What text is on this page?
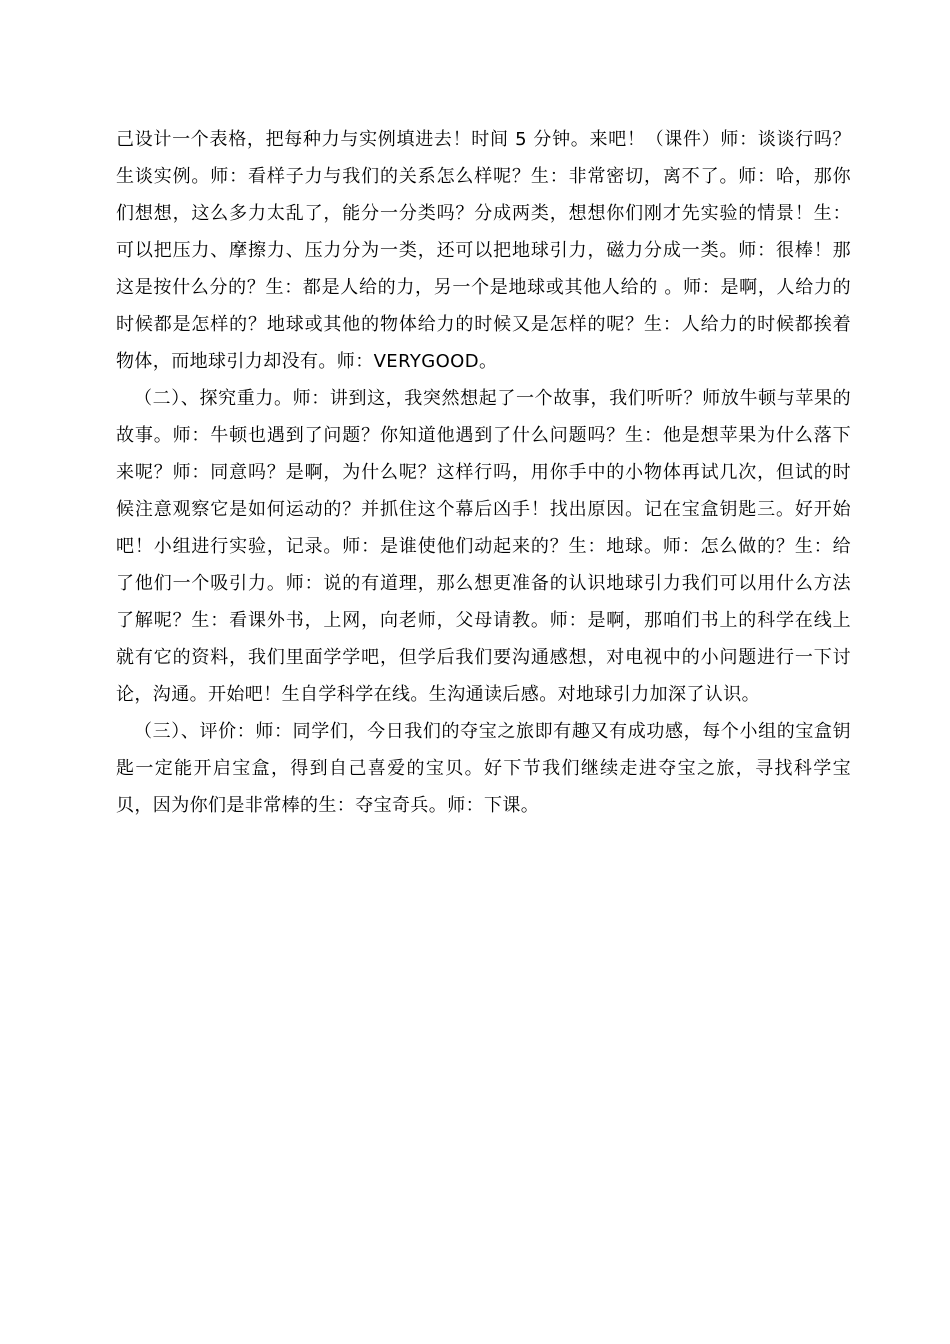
己设计一个表格，把每种力与实例填进去！时间 5 分钟。来吧！（课件）师：谈谈行吗？生谈实例。师：看样子力与我们的关系怎么样呢？生：非常密切，离不了。师：哈，那你们想想，这么多力太乱了，能分一分类吗？分成两类，想想你们刚才先实验的情景！生：可以把压力、摩擦力、压力分为一类，还可以把地球引力，磁力分成一类。师：很棒！那这是按什么分的？生：都是人给的力，另一个是地球或其他人给的 。师：是啊，人给力的时候都是怎样的？地球或其他的物体给力的时候又是怎样的呢？生：人给力的时候都挨着物体，而地球引力却没有。师：VERYGOOD。

（二）、探究重力。师：讲到这，我突然想起了一个故事，我们听听？师放牛顿与苹果的故事。师：牛顿也遇到了问题？你知道他遇到了什么问题吗？生：他是想苹果为什么落下来呢？师：同意吗？是啊，为什么呢？这样行吗，用你手中的小物体再试几次，但试的时候注意观察它是如何运动的？并抓住这个幕后凶手！找出原因。记在宝盒钥匙三。好开始吧！小组进行实验，记录。师：是谁使他们动起来的？生：地球。师：怎么做的？生：给了他们一个吸引力。师：说的有道理，那么想更准备的认识地球引力我们可以用什么方法了解呢？生：看课外书，上网，向老师，父母请教。师：是啊，那咱们书上的科学在线上就有它的资料，我们里面学学吧，但学后我们要沟通感想，对电视中的小问题进行一下讨论，沟通。开始吧！生自学科学在线。生沟通读后感。对地球引力加深了认识。

（三）、评价：师：同学们，今日我们的夺宝之旅即有趣又有成功感，每个小组的宝盒钥匙一定能开启宝盒，得到自己喜爱的宝贝。好下节我们继续走进夺宝之旅，寻找科学宝贝，因为你们是非常棒的生：夺宝奇兵。师：下课。
